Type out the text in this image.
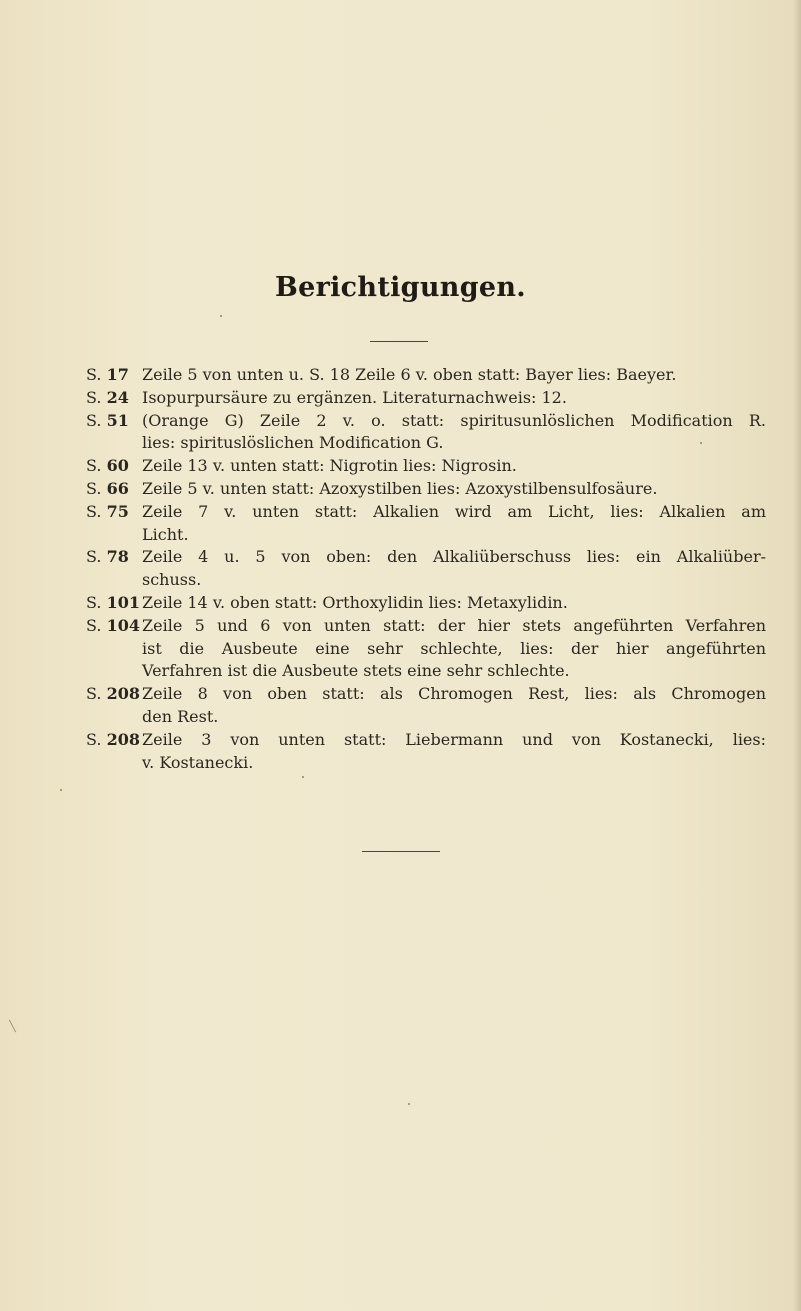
Berichtigungen.
S. 17 Zeile 5 von unten u. S. 18 Zeile 6 v. oben statt: Bayer lies: Baeyer.
S. 24 Isopurpursäure zu ergänzen. Literaturnachweis: 12.
S. 51 (Orange G) Zeile 2 v. o. statt: spiritusunlöslichen Modification R.
lies: spirituslöslichen Modification G.
S. 60 Zeile 13 v. unten statt: Nigrotin lies: Nigrosin.
S. 66 Zeile 5 v. unten statt: Azoxystilben lies: Azoxystilbensulfosäure.
S. 75 Zeile 7 v. unten statt: Alkalien wird am Licht, lies: Alkalien am
Licht.
S. 78 Zeile 4 u. 5 von oben: den Alkaliüberschuss lies: ein Alkaliüber-
schuss.
S. 101 Zeile 14 v. oben statt: Orthoxylidin lies: Metaxylidin.
S. 104 Zeile 5 und 6 von unten statt: der hier stets angeführten Verfahren
ist die Ausbeute eine sehr schlechte, lies: der hier angeführten
Verfahren ist die Ausbeute stets eine sehr schlechte.
S. 208 Zeile 8 von oben statt: als Chromogen Rest, lies: als Chromogen
den Rest.
S. 208 Zeile 3 von unten statt: Liebermann und von Kostanecki, lies:
v. Kostanecki.
